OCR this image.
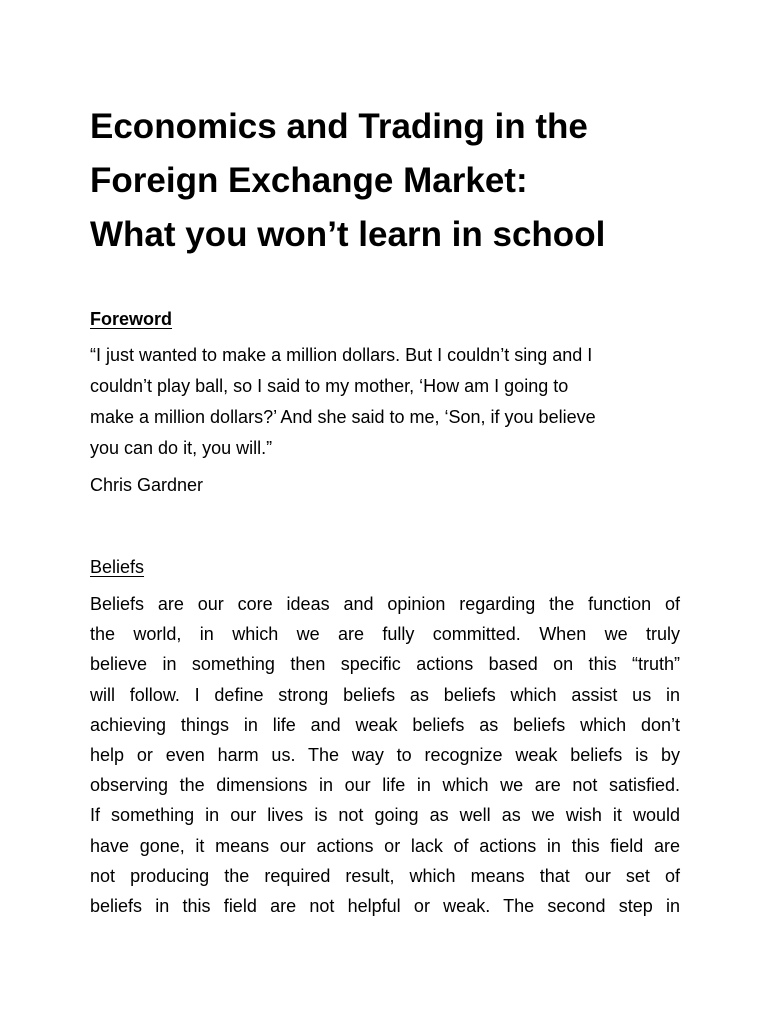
Economics and Trading in the
Foreign Exchange Market:
What you won’t learn in school
Foreword
“I just wanted to make a million dollars. But I couldn’t sing and I
couldn’t play ball, so I said to my mother, ‘How am I going to
make a million dollars?’ And she said to me, ‘Son, if you believe
you can do it, you will.”
Chris Gardner
Beliefs
Beliefs are our core ideas and opinion regarding the function of
the world, in which we are fully committed. When we truly
believe in something then specific actions based on this “truth”
will follow. I define strong beliefs as beliefs which assist us in
achieving things in life and weak beliefs as beliefs which don’t
help or even harm us. The way to recognize weak beliefs is by
observing the dimensions in our life in which we are not satisfied.
If something in our lives is not going as well as we wish it would
have gone, it means our actions or lack of actions in this field are
not producing the required result, which means that our set of
beliefs in this field are not helpful or weak. The second step in
